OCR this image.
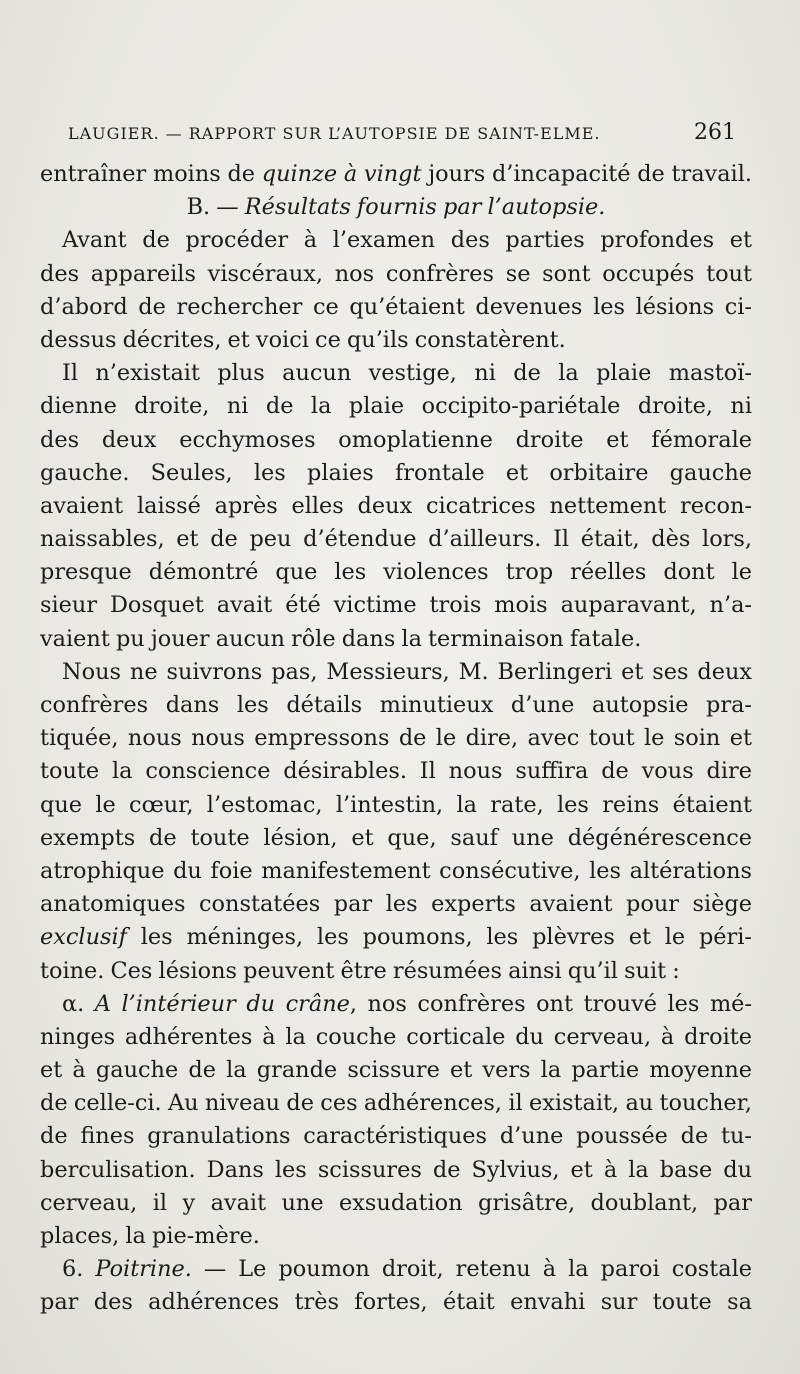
LAUGIER. — RAPPORT SUR L’AUTOPSIE DE SAINT-ELME.	261
entraîner moins de quinze à vingt jours d’incapacité de travail.
B. — Résultats fournis par l’autopsie.
Avant de procéder à l’examen des parties profondes et
des appareils viscéraux, nos confrères se sont occupés tout
d’abord de rechercher ce qu’étaient devenues les lésions ci-
dessus décrites, et voici ce qu’ils constatèrent.
Il n’existait plus aucun vestige, ni de la plaie mastoï-
dienne droite, ni de la plaie occipito-pariétale droite, ni
des deux ecchymoses omoplatienne droite et fémorale
gauche. Seules, les plaies frontale et orbitaire gauche
avaient laissé après elles deux cicatrices nettement recon-
naissables, et de peu d’étendue d’ailleurs. Il était, dès lors,
presque démontré que les violences trop réelles dont le
sieur Dosquet avait été victime trois mois auparavant, n’a-
vaient pu jouer aucun rôle dans la terminaison fatale.
Nous ne suivrons pas, Messieurs, M. Berlingeri et ses deux
confrères dans les détails minutieux d’une autopsie pra-
tiquée, nous nous empressons de le dire, avec tout le soin et
toute la conscience désirables. Il nous suffira de vous dire
que le cœur, l’estomac, l’intestin, la rate, les reins étaient
exempts de toute lésion, et que, sauf une dégénérescence
atrophique du foie manifestement consécutive, les altérations
anatomiques constatées par les experts avaient pour siège
exclusif les méninges, les poumons, les plèvres et le péri-
toine. Ces lésions peuvent être résumées ainsi qu’il suit :
α. A l’intérieur du crâne, nos confrères ont trouvé les mé-
ninges adhérentes à la couche corticale du cerveau, à droite
et à gauche de la grande scissure et vers la partie moyenne
de celle-ci. Au niveau de ces adhérences, il existait, au toucher,
de fines granulations caractéristiques d’une poussée de tu-
berculisation. Dans les scissures de Sylvius, et à la base du
cerveau, il y avait une exsudation grisâtre, doublant, par
places, la pie-mère.
6. Poitrine. — Le poumon droit, retenu à la paroi costale
par des adhérences très fortes, était envahi sur toute sa
